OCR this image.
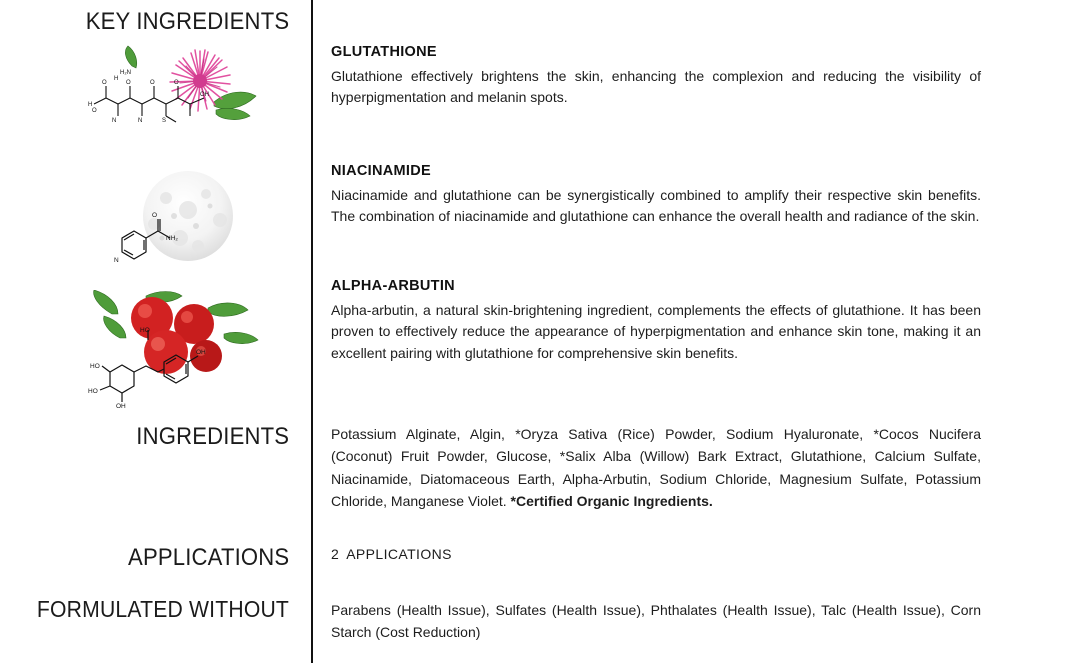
KEY INGREDIENTS
INGREDIENTS
APPLICATIONS
FORMULATED WITHOUT
H
O
O	O	O	O
N	N	S
H
OH
H₂N
N
NH₂
O
HO
HO
OH
OH
HO

GLUTATHIONE

Glutathione effectively brightens the skin, enhancing the complexion and reducing the visibility of hyperpigmentation and melanin spots.

NIACINAMIDE

Niacinamide and glutathione can be synergistically combined to amplify their respective skin benefits. The combination of niacinamide and glutathione can enhance the overall health and radiance of the skin.

ALPHA-ARBUTIN

Alpha-arbutin, a natural skin-brightening ingredient, complements the effects of glutathione. It has been proven to effectively reduce the appearance of hyperpigmentation and enhance skin tone, making it an excellent pairing with glutathione for comprehensive skin benefits.

Potassium Alginate, Algin, *Oryza Sativa (Rice) Powder, Sodium Hyaluronate, *Cocos Nucifera (Coconut) Fruit Powder, Glucose, *Salix Alba (Willow) Bark Extract, Glutathione, Calcium Sulfate, Niacinamide, Diatomaceous Earth, Alpha-Arbutin, Sodium Chloride, Magnesium Sulfate, Potassium Chloride, Manganese Violet. *Certified Organic Ingredients.
2 APPLICATIONS
Parabens (Health Issue), Sulfates (Health Issue), Phthalates (Health Issue), Talc (Health Issue), Corn Starch (Cost Reduction)
